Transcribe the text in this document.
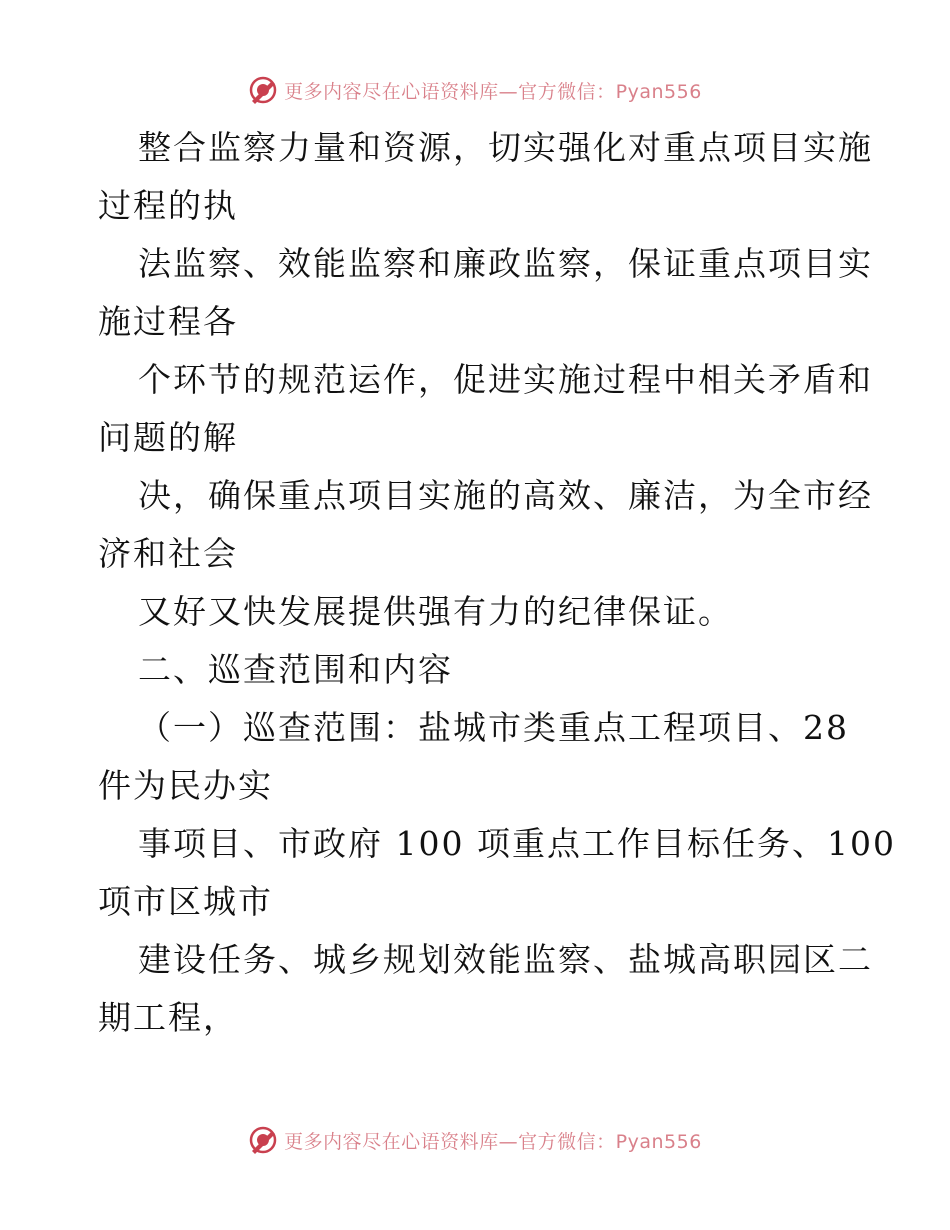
更多内容尽在心语资料库—官方微信：Pyan556
整合监察力量和资源，切实强化对重点项目实施
过程的执
法监察、效能监察和廉政监察，保证重点项目实
施过程各
个环节的规范运作，促进实施过程中相关矛盾和
问题的解
决，确保重点项目实施的高效、廉洁，为全市经
济和社会
又好又快发展提供强有力的纪律保证。
二、巡查范围和内容
（一）巡查范围：盐城市类重点工程项目、28
件为民办实
事项目、市政府 100 项重点工作目标任务、100
项市区城市
建设任务、城乡规划效能监察、盐城高职园区二
期工程，
更多内容尽在心语资料库—官方微信：Pyan556
